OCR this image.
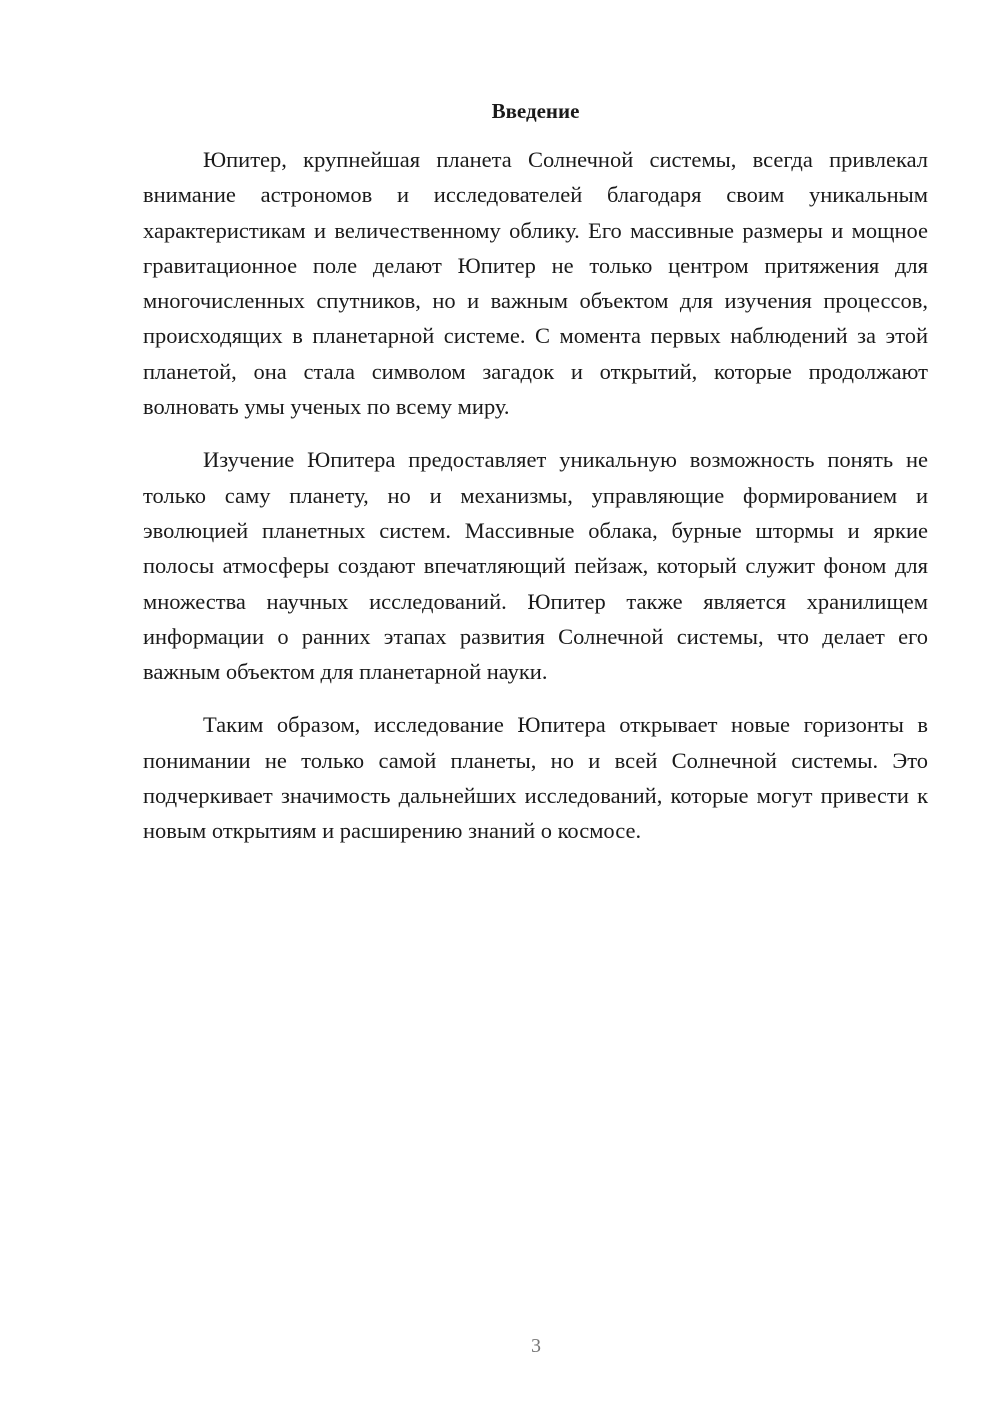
Введение

Юпитер, крупнейшая планета Солнечной системы, всегда привлекал внимание астрономов и исследователей благодаря своим уникальным характеристикам и величественному облику. Его массивные размеры и мощное гравитационное поле делают Юпитер не только центром притяжения для многочисленных спутников, но и важным объектом для изучения процессов, происходящих в планетарной системе. С момента первых наблюдений за этой планетой, она стала символом загадок и открытий, которые продолжают волновать умы ученых по всему миру.

Изучение Юпитера предоставляет уникальную возможность понять не только саму планету, но и механизмы, управляющие формированием и эволюцией планетных систем. Массивные облака, бурные штормы и яркие полосы атмосферы создают впечатляющий пейзаж, который служит фоном для множества научных исследований. Юпитер также является хранилищем информации о ранних этапах развития Солнечной системы, что делает его важным объектом для планетарной науки.

Таким образом, исследование Юпитера открывает новые горизонты в понимании не только самой планеты, но и всей Солнечной системы. Это подчеркивает значимость дальнейших исследований, которые могут привести к новым открытиям и расширению знаний о космосе.

3
